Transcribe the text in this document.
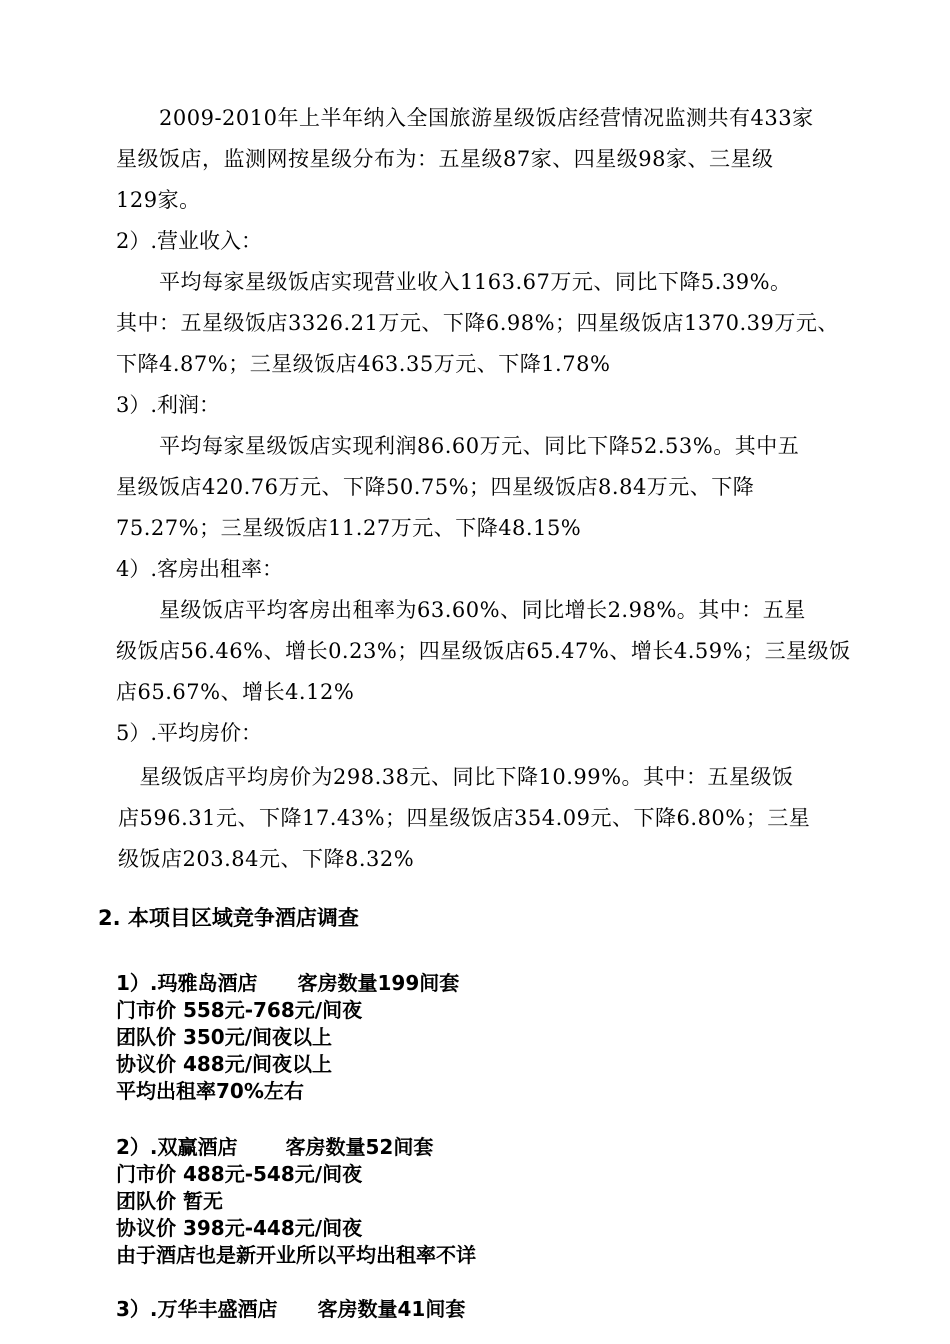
　　2009-2010年上半年纳入全国旅游星级饭店经营情况监测共有433家
星级饭店，监测网按星级分布为：五星级87家、四星级98家、三星级
129家。

2）.营业收入：

　　平均每家星级饭店实现营业收入1163.67万元、同比下降5.39%。
其中：五星级饭店3326.21万元、下降6.98%；四星级饭店1370.39万元、
下降4.87%；三星级饭店463.35万元、下降1.78%

3）.利润：

　　平均每家星级饭店实现利润86.60万元、同比下降52.53%。其中五
星级饭店420.76万元、下降50.75%；四星级饭店8.84万元、下降
75.27%；三星级饭店11.27万元、下降48.15%

4）.客房出租率：

　　星级饭店平均客房出租率为63.60%、同比增长2.98%。其中：五星
级饭店56.46%、增长0.23%；四星级饭店65.47%、增长4.59%；三星级饭
店65.67%、增长4.12%

5）.平均房价：

　星级饭店平均房价为298.38元、同比下降10.99%。其中：五星级饭
店596.31元、下降17.43%；四星级饭店354.09元、下降6.80%；三星
级饭店203.84元、下降8.32%

2. 本项目区域竞争酒店调查

1）.玛雅岛酒店 客房数量199间套
门市价 558元-768元/间夜
团队价 350元/间夜以上
协议价 488元/间夜以上
平均出租率70%左右
2）.双赢酒店 客房数量52间套
门市价 488元-548元/间夜
团队价 暂无
协议价 398元-448元/间夜
由于酒店也是新开业所以平均出租率不详
3）.万华丰盛酒店 客房数量41间套
